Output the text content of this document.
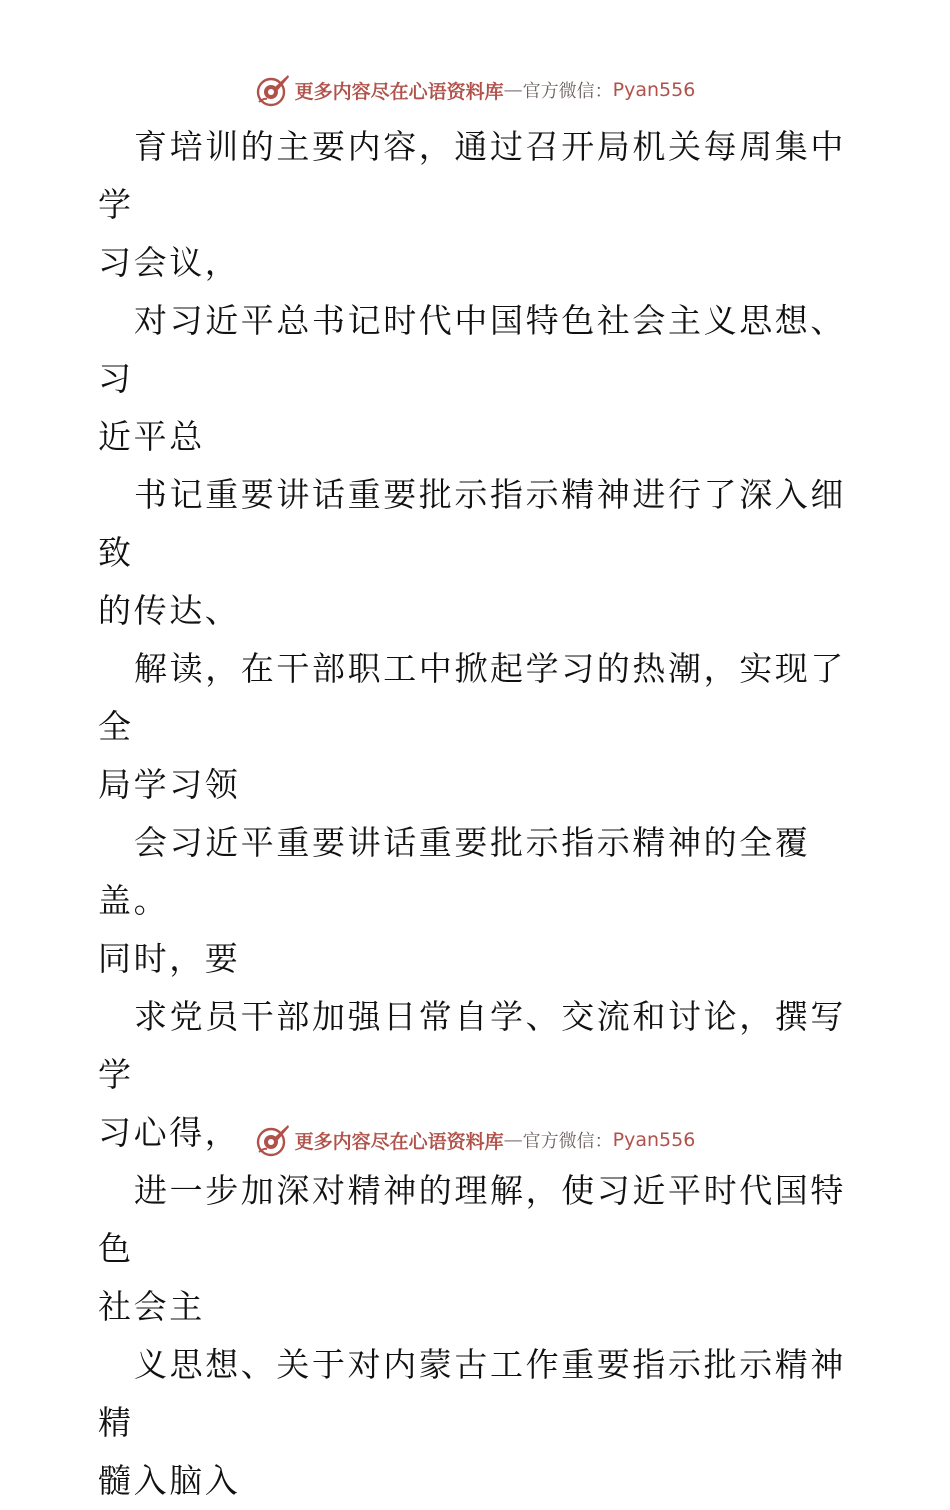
更多内容尽在心语资料库 — 官方微信： Pyan556

育培训的主要内容，通过召开局机关每周集中学
习会议，

对习近平总书记时代中国特色社会主义思想、习
近平总

书记重要讲话重要批示指示精神进行了深入细致
的传达、

解读，在干部职工中掀起学习的热潮，实现了全
局学习领

会习近平重要讲话重要批示指示精神的全覆盖。
同时，要

求党员干部加强日常自学、交流和讨论，撰写学
习心得，

进一步加深对精神的理解，使习近平时代国特色
社会主

义思想、关于对内蒙古工作重要指示批示精神精
髓入脑入

更多内容尽在心语资料库 — 官方微信： Pyan556
